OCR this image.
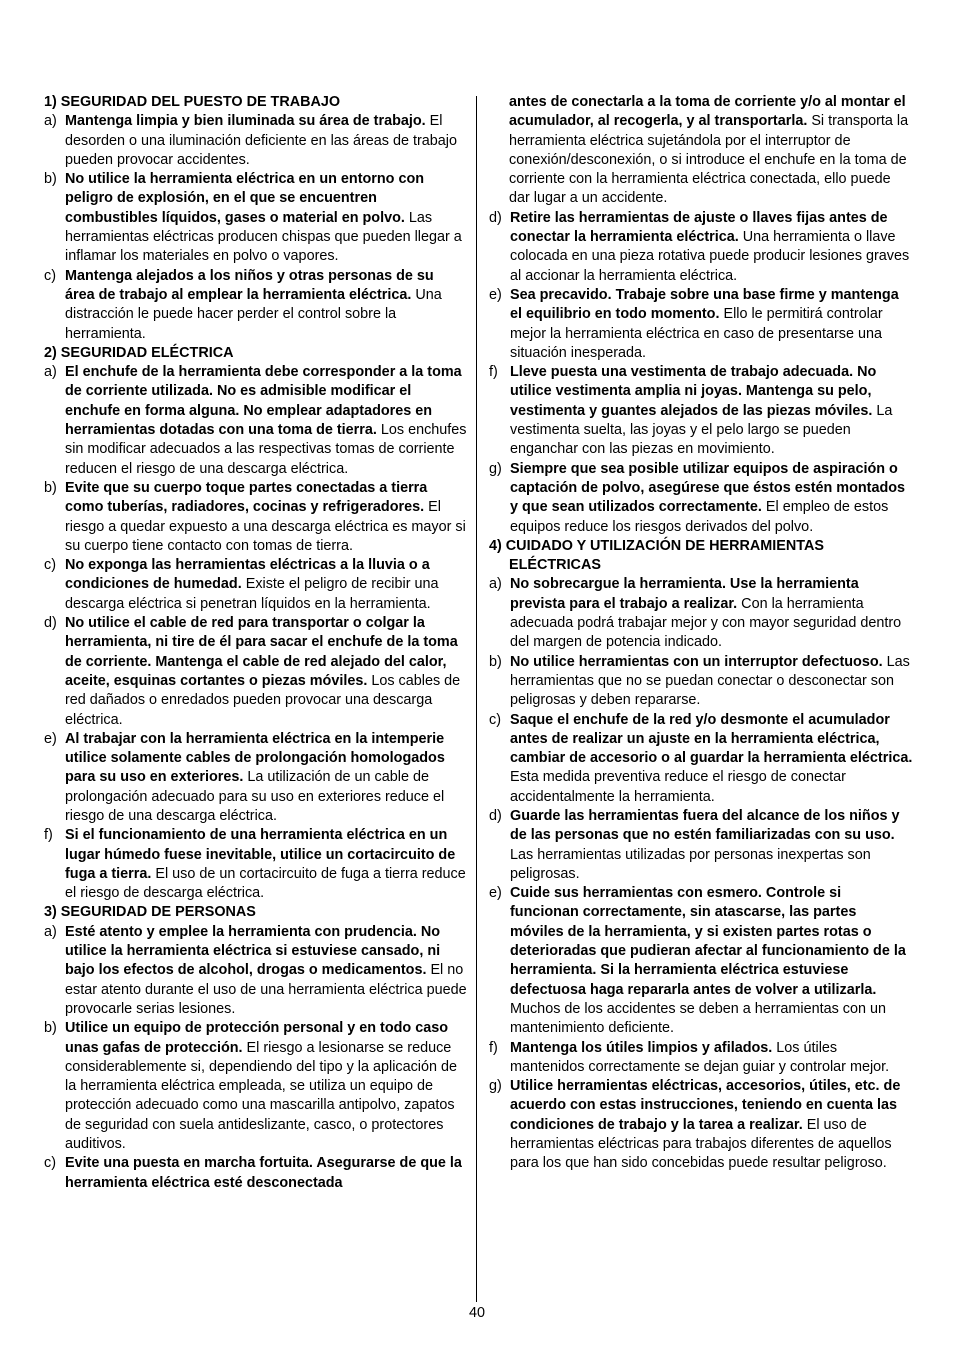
1) SEGURIDAD DEL PUESTO DE TRABAJO
a) Mantenga limpia y bien iluminada su área de trabajo. El desorden o una iluminación deficiente en las áreas de trabajo pueden provocar accidentes.
b) No utilice la herramienta eléctrica en un entorno con peligro de explosión, en el que se encuentren combustibles líquidos, gases o material en polvo. Las herramientas eléctricas producen chispas que pueden llegar a inflamar los materiales en polvo o vapores.
c) Mantenga alejados a los niños y otras personas de su área de trabajo al emplear la herramienta eléctrica. Una distracción le puede hacer perder el control sobre la herramienta.
2) SEGURIDAD ELÉCTRICA
a) El enchufe de la herramienta debe corresponder a la toma de corriente utilizada. No es admisible modificar el enchufe en forma alguna. No emplear adaptadores en herramientas dotadas con una toma de tierra. Los enchufes sin modificar adecuados a las respectivas tomas de corriente reducen el riesgo de una descarga eléctrica.
b) Evite que su cuerpo toque partes conectadas a tierra como tuberías, radiadores, cocinas y refrigeradores. El riesgo a quedar expuesto a una descarga eléctrica es mayor si su cuerpo tiene contacto con tomas de tierra.
c) No exponga las herramientas eléctricas a la lluvia o a condiciones de humedad. Existe el peligro de recibir una descarga eléctrica si penetran líquidos en la herramienta.
d) No utilice el cable de red para transportar o colgar la herramienta, ni tire de él para sacar el enchufe de la toma de corriente. Mantenga el cable de red alejado del calor, aceite, esquinas cortantes o piezas móviles. Los cables de red dañados o enredados pueden provocar una descarga eléctrica.
e) Al trabajar con la herramienta eléctrica en la intemperie utilice solamente cables de prolongación homologados para su uso en exteriores. La utilización de un cable de prolongación adecuado para su uso en exteriores reduce el riesgo de una descarga eléctrica.
f) Si el funcionamiento de una herramienta eléctrica en un lugar húmedo fuese inevitable, utilice un cortacircuito de fuga a tierra. El uso de un cortacircuito de fuga a tierra reduce el riesgo de descarga eléctrica.
3) SEGURIDAD DE PERSONAS
a) Esté atento y emplee la herramienta con prudencia. No utilice la herramienta eléctrica si estuviese cansado, ni bajo los efectos de alcohol, drogas o medicamentos. El no estar atento durante el uso de una herramienta eléctrica puede provocarle serias lesiones.
b) Utilice un equipo de protección personal y en todo caso unas gafas de protección. El riesgo a lesionarse se reduce considerablemente si, dependiendo del tipo y la aplicación de la herramienta eléctrica empleada, se utiliza un equipo de protección adecuado como una mascarilla antipolvo, zapatos de seguridad con suela antideslizante, casco, o protectores auditivos.
c) Evite una puesta en marcha fortuita. Asegurarse de que la herramienta eléctrica esté desconectada
antes de conectarla a la toma de corriente y/o al montar el acumulador, al recogerla, y al transportarla. Si transporta la herramienta eléctrica sujetándola por el interruptor de conexión/desconexión, o si introduce el enchufe en la toma de corriente con la herramienta eléctrica conectada, ello puede dar lugar a un accidente.
d) Retire las herramientas de ajuste o llaves fijas antes de conectar la herramienta eléctrica. Una herramienta o llave colocada en una pieza rotativa puede producir lesiones graves al accionar la herramienta eléctrica.
e) Sea precavido. Trabaje sobre una base firme y mantenga el equilibrio en todo momento. Ello le permitirá controlar mejor la herramienta eléctrica en caso de presentarse una situación inesperada.
f) Lleve puesta una vestimenta de trabajo adecuada. No utilice vestimenta amplia ni joyas. Mantenga su pelo, vestimenta y guantes alejados de las piezas móviles. La vestimenta suelta, las joyas y el pelo largo se pueden enganchar con las piezas en movimiento.
g) Siempre que sea posible utilizar equipos de aspiración o captación de polvo, asegúrese que éstos estén montados y que sean utilizados correctamente. El empleo de estos equipos reduce los riesgos derivados del polvo.
4) CUIDADO Y UTILIZACIÓN DE HERRAMIENTAS ELÉCTRICAS
a) No sobrecargue la herramienta. Use la herramienta prevista para el trabajo a realizar. Con la herramienta adecuada podrá trabajar mejor y con mayor seguridad dentro del margen de potencia indicado.
b) No utilice herramientas con un interruptor defectuoso. Las herramientas que no se puedan conectar o desconectar son peligrosas y deben repararse.
c) Saque el enchufe de la red y/o desmonte el acumulador antes de realizar un ajuste en la herramienta eléctrica, cambiar de accesorio o al guardar la herramienta eléctrica. Esta medida preventiva reduce el riesgo de conectar accidentalmente la herramienta.
d) Guarde las herramientas fuera del alcance de los niños y de las personas que no estén familiarizadas con su uso. Las herramientas utilizadas por personas inexpertas son peligrosas.
e) Cuide sus herramientas con esmero. Controle si funcionan correctamente, sin atascarse, las partes móviles de la herramienta, y si existen partes rotas o deterioradas que pudieran afectar al funcionamiento de la herramienta. Si la herramienta eléctrica estuviese defectuosa haga repararla antes de volver a utilizarla. Muchos de los accidentes se deben a herramientas con un mantenimiento deficiente.
f) Mantenga los útiles limpios y afilados. Los útiles mantenidos correctamente se dejan guiar y controlar mejor.
g) Utilice herramientas eléctricas, accesorios, útiles, etc. de acuerdo con estas instrucciones, teniendo en cuenta las condiciones de trabajo y la tarea a realizar. El uso de herramientas eléctricas para trabajos diferentes de aquellos para los que han sido concebidas puede resultar peligroso.
40
